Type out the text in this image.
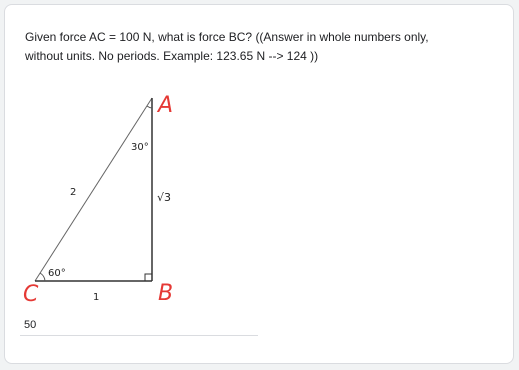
Given force AC = 100 N, what is force BC? ((Answer in whole numbers only,
without units. No periods. Example: 123.65 N --> 124 ))
30°
60°
2
1
√3
A
B
C
50
